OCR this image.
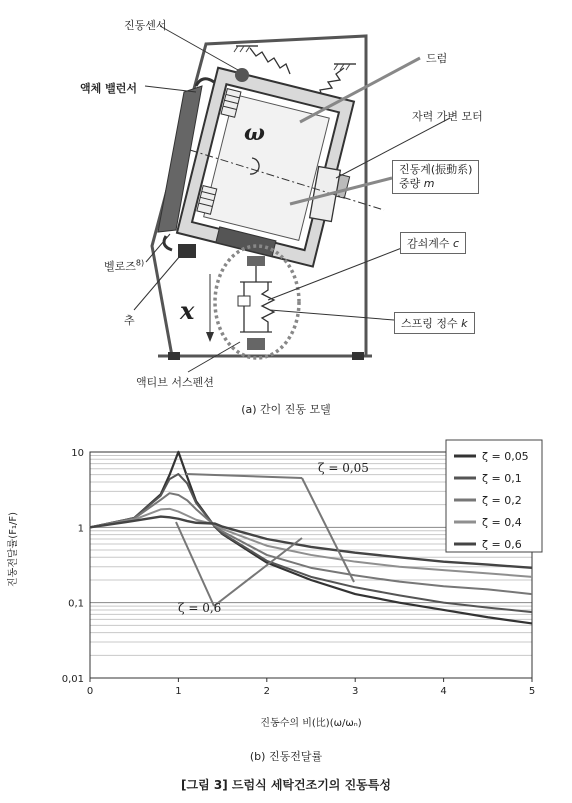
진동센서
액체 밸런서
드럼
자력 가변 모터
진동계(振動系)
중량 m
감쇠계수 c
스프링 정수 k
벨로즈$^{8)}$
추
액티브 서스펜션
ω
x
(a) 간이 진동 모델
0	1	2	3	4	5
10
1
0,1
0,01
ζ = 0,05
ζ = 0,1
ζ = 0,2
ζ = 0,4
ζ = 0,6
ζ = 0,05
ζ = 0,6
진동전달률(F₁/F)
진동수의 비(比)(ω/ωₙ)
(b) 진동전달률
[그림 3] 드럼식 세탁건조기의 진동특성
